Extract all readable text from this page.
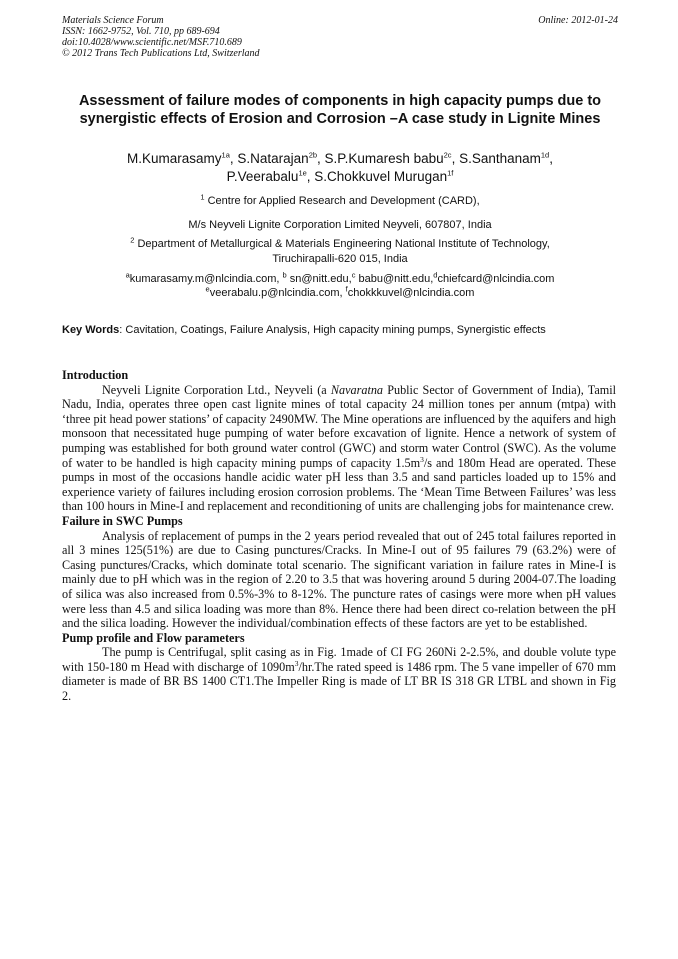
Materials Science Forum
ISSN: 1662-9752, Vol. 710, pp 689-694
doi:10.4028/www.scientific.net/MSF.710.689
© 2012 Trans Tech Publications Ltd, Switzerland
Online: 2012-01-24
Assessment of failure modes of components in high capacity pumps due to synergistic effects of Erosion and Corrosion –A case study in Lignite Mines
M.Kumarasamy$^{1a}$, S.Natarajan$^{2b}$, S.P.Kumaresh babu$^{2c}$, S.Santhanam$^{1d}$,
P.Veerabalu$^{1e}$, S.Chokkuvel Murugan$^{1f}$
$^1$ Centre for Applied Research and Development (CARD),
M/s Neyveli Lignite Corporation Limited Neyveli, 607807, India
$^2$ Department of Metallurgical & Materials Engineering National Institute of Technology,
Tiruchirapalli-620 015, India
$^a$kumarasamy.m@nlcindia.com, $^b$ sn@nitt.edu,$^c$ babu@nitt.edu,$^d$chiefcard@nlcindia.com
$^e$veerabalu.p@nlcindia.com, $^f$chokkkuvel@nlcindia.com
Key Words: Cavitation, Coatings, Failure Analysis, High capacity mining pumps, Synergistic effects
Introduction

Neyveli Lignite Corporation Ltd., Neyveli (a Navaratna Public Sector of Government of India), Tamil Nadu, India, operates three open cast lignite mines of total capacity 24 million tones per annum (mtpa) with ‘three pit head power stations’ of capacity 2490MW. The Mine operations are influenced by the aquifers and high monsoon that necessitated huge pumping of water before excavation of lignite. Hence a network of system of pumping was established for both ground water control (GWC) and storm water Control (SWC). As the volume of water to be handled is high capacity mining pumps of capacity $1.5m^3/s$ and 180m Head are operated. These pumps in most of the occasions handle acidic water pH less than 3.5 and sand particles loaded up to 15% and experience variety of failures including erosion corrosion problems. The ‘Mean Time Between Failures’ was less than 100 hours in Mine-I and replacement and reconditioning of units are challenging jobs for maintenance crew.

Failure in SWC Pumps

Analysis of replacement of pumps in the 2 years period revealed that out of 245 total failures reported in all 3 mines 125(51%) are due to Casing punctures/Cracks. In Mine-I out of 95 failures 79 (63.2%) were of Casing punctures/Cracks, which dominate total scenario. The significant variation in failure rates in Mine-I is mainly due to pH which was in the region of 2.20 to 3.5 that was hovering around 5 during 2004-07.The loading of silica was also increased from 0.5%-3% to 8-12%. The puncture rates of casings were more when pH values were less than 4.5 and silica loading was more than 8%. Hence there had been direct co-relation between the pH and the silica loading. However the individual/combination effects of these factors are yet to be established.

Pump profile and Flow parameters

The pump is Centrifugal, split casing as in Fig. 1made of CI FG 260Ni 2-2.5%, and double volute type with 150-180 m Head with discharge of $1090m^3/hr.The$ rated speed is 1486 rpm. The 5 vane impeller of 670 mm diameter is made of BR BS 1400 CT1.The Impeller Ring is made of LT BR IS 318 GR LTBL and shown in Fig 2.
